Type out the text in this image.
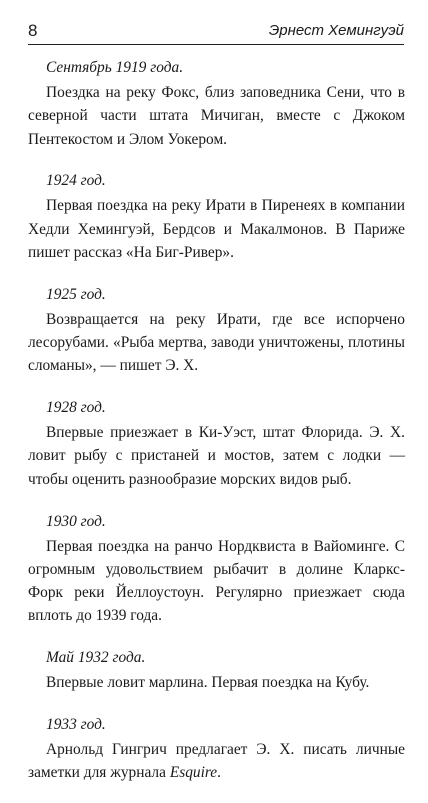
8	Эрнест Хемингуэй

Сентябрь 1919 года.

Поездка на реку Фокс, близ заповедника Сени, что в северной части штата Мичиган, вместе с Джоком Пентекостом и Элом Уокером.

1924 год.

Первая поездка на реку Ирати в Пиренеях в компании Хедли Хемингуэй, Бердсов и Макалмонов. В Париже пишет рассказ «На Биг-Ривер».

1925 год.

Возвращается на реку Ирати, где все испорчено лесорубами. «Рыба мертва, заводи уничтожены, плотины сломаны», — пишет Э. Х.

1928 год.

Впервые приезжает в Ки-Уэст, штат Флорида. Э. Х. ловит рыбу с пристаней и мостов, затем с лодки — чтобы оценить разнообразие морских видов рыб.

1930 год.

Первая поездка на ранчо Нордквиста в Вайоминге. С огромным удовольствием рыбачит в долине Кларкс-Форк реки Йеллоустоун. Регулярно приезжает сюда вплоть до 1939 года.

Май 1932 года.

Впервые ловит марлина. Первая поездка на Кубу.

1933 год.

Арнольд Гингрич предлагает Э. Х. писать личные заметки для журнала Esquire.
